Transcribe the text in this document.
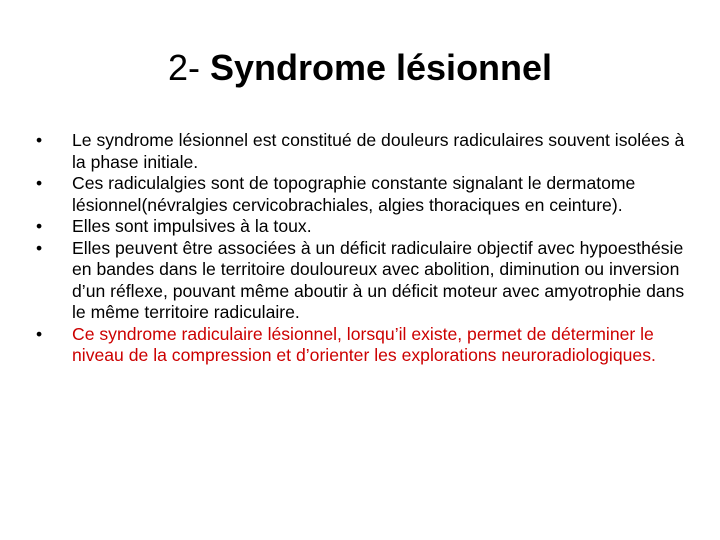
2- Syndrome lésionnel
•	Le syndrome lésionnel est constitué de douleurs radiculaires souvent isolées à la phase initiale.
•	Ces radiculalgies sont de topographie constante signalant le dermatome lésionnel(névralgies cervicobrachiales, algies thoraciques en ceinture).
•	Elles sont impulsives à la toux.
•	Elles peuvent être associées à un déficit radiculaire objectif avec hypoesthésie en bandes dans le territoire douloureux avec abolition, diminution ou inversion d’un réflexe, pouvant même aboutir à un déficit moteur avec amyotrophie dans le même territoire radiculaire.
•	Ce syndrome radiculaire lésionnel, lorsqu’il existe, permet de déterminer le niveau de la compression et d’orienter les explorations neuroradiologiques.
